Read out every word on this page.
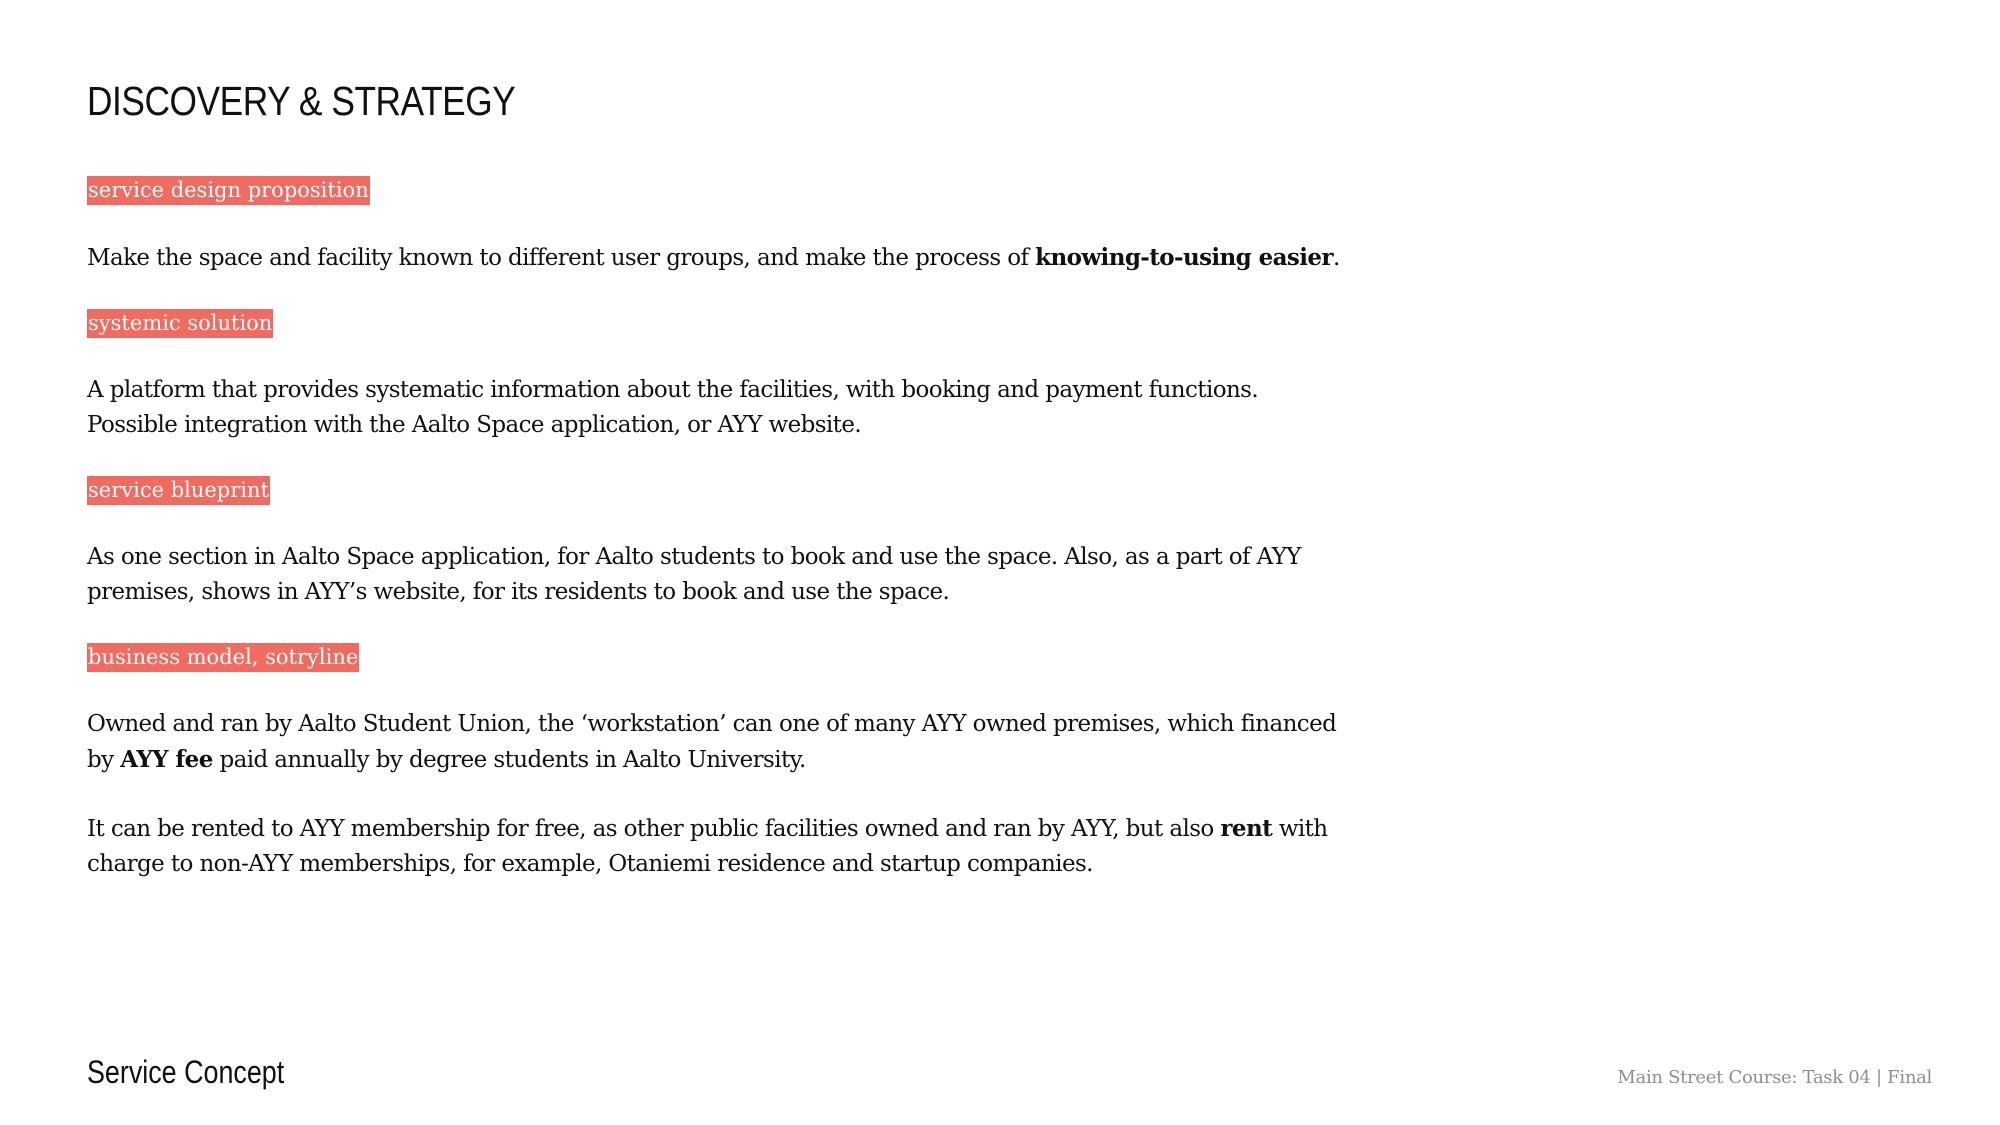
DISCOVERY & STRATEGY
service design proposition

Make the space and facility known to different user groups, and make the process of knowing-to-using easier.

systemic solution

A platform that provides systematic information about the facilities, with booking and payment functions.
Possible integration with the Aalto Space application, or AYY website.

service blueprint

As one section in Aalto Space application, for Aalto students to book and use the space. Also, as a part of AYY
premises, shows in AYY’s website, for its residents to book and use the space.

business model, sotryline

Owned and ran by Aalto Student Union, the ‘workstation’ can one of many AYY owned premises, which financed
by AYY fee paid annually by degree students in Aalto University.

It can be rented to AYY membership for free, as other public facilities owned and ran by AYY, but also rent with
charge to non-AYY memberships, for example, Otaniemi residence and startup companies.

Service Concept	Main Street Course: Task 04 | Final
